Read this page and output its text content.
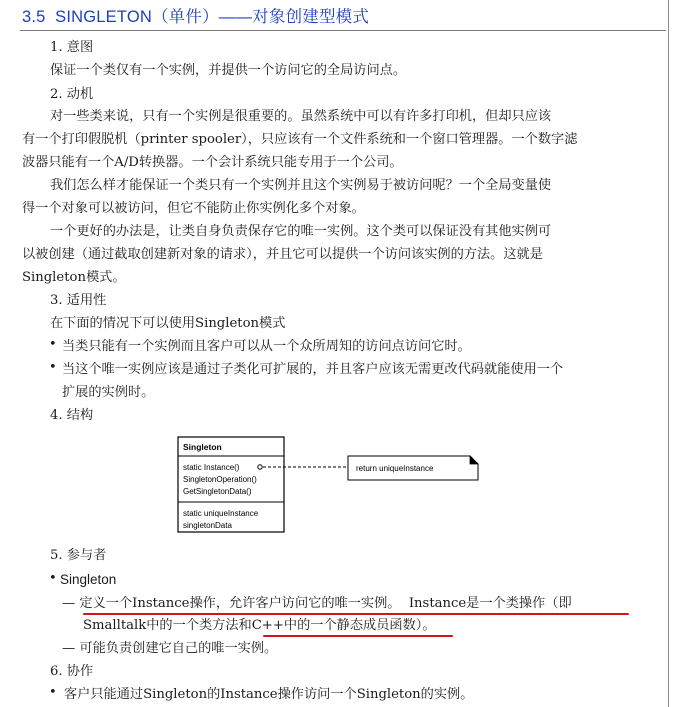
3.5 SINGLETON（单件）——对象创建型模式
1. 意图
保证一个类仅有一个实例，并提供一个访问它的全局访问点。
2. 动机
对一些类来说，只有一个实例是很重要的。虽然系统中可以有许多打印机，但却只应该
有一个打印假脱机（printer spooler），只应该有一个文件系统和一个窗口管理器。一个数字滤
波器只能有一个A/D转换器。一个会计系统只能专用于一个公司。
我们怎么样才能保证一个类只有一个实例并且这个实例易于被访问呢？一个全局变量使
得一个对象可以被访问，但它不能防止你实例化多个对象。
一个更好的办法是，让类自身负责保存它的唯一实例。这个类可以保证没有其他实例可
以被创建（通过截取创建新对象的请求），并且它可以提供一个访问该实例的方法。这就是
Singleton模式。
3. 适用性
在下面的情况下可以使用Singleton模式
• 当类只能有一个实例而且客户可以从一个众所周知的访问点访问它时。
• 当这个唯一实例应该是通过子类化可扩展的，并且客户应该无需更改代码就能使用一个
扩展的实例时。
4. 结构
Singleton
static Instance()
SingletonOperation()
GetSingletonData()
static uniqueInstance
singletonData
return uniqueInstance
5. 参与者
• Singleton
— 定义一个Instance操作，允许客户访问它的唯一实例。 Instance是一个类操作（即
Smalltalk中的一个类方法和C++中的一个静态成员函数）。
— 可能负责创建它自己的唯一实例。
6. 协作
• 客户只能通过Singleton的Instance操作访问一个Singleton的实例。
